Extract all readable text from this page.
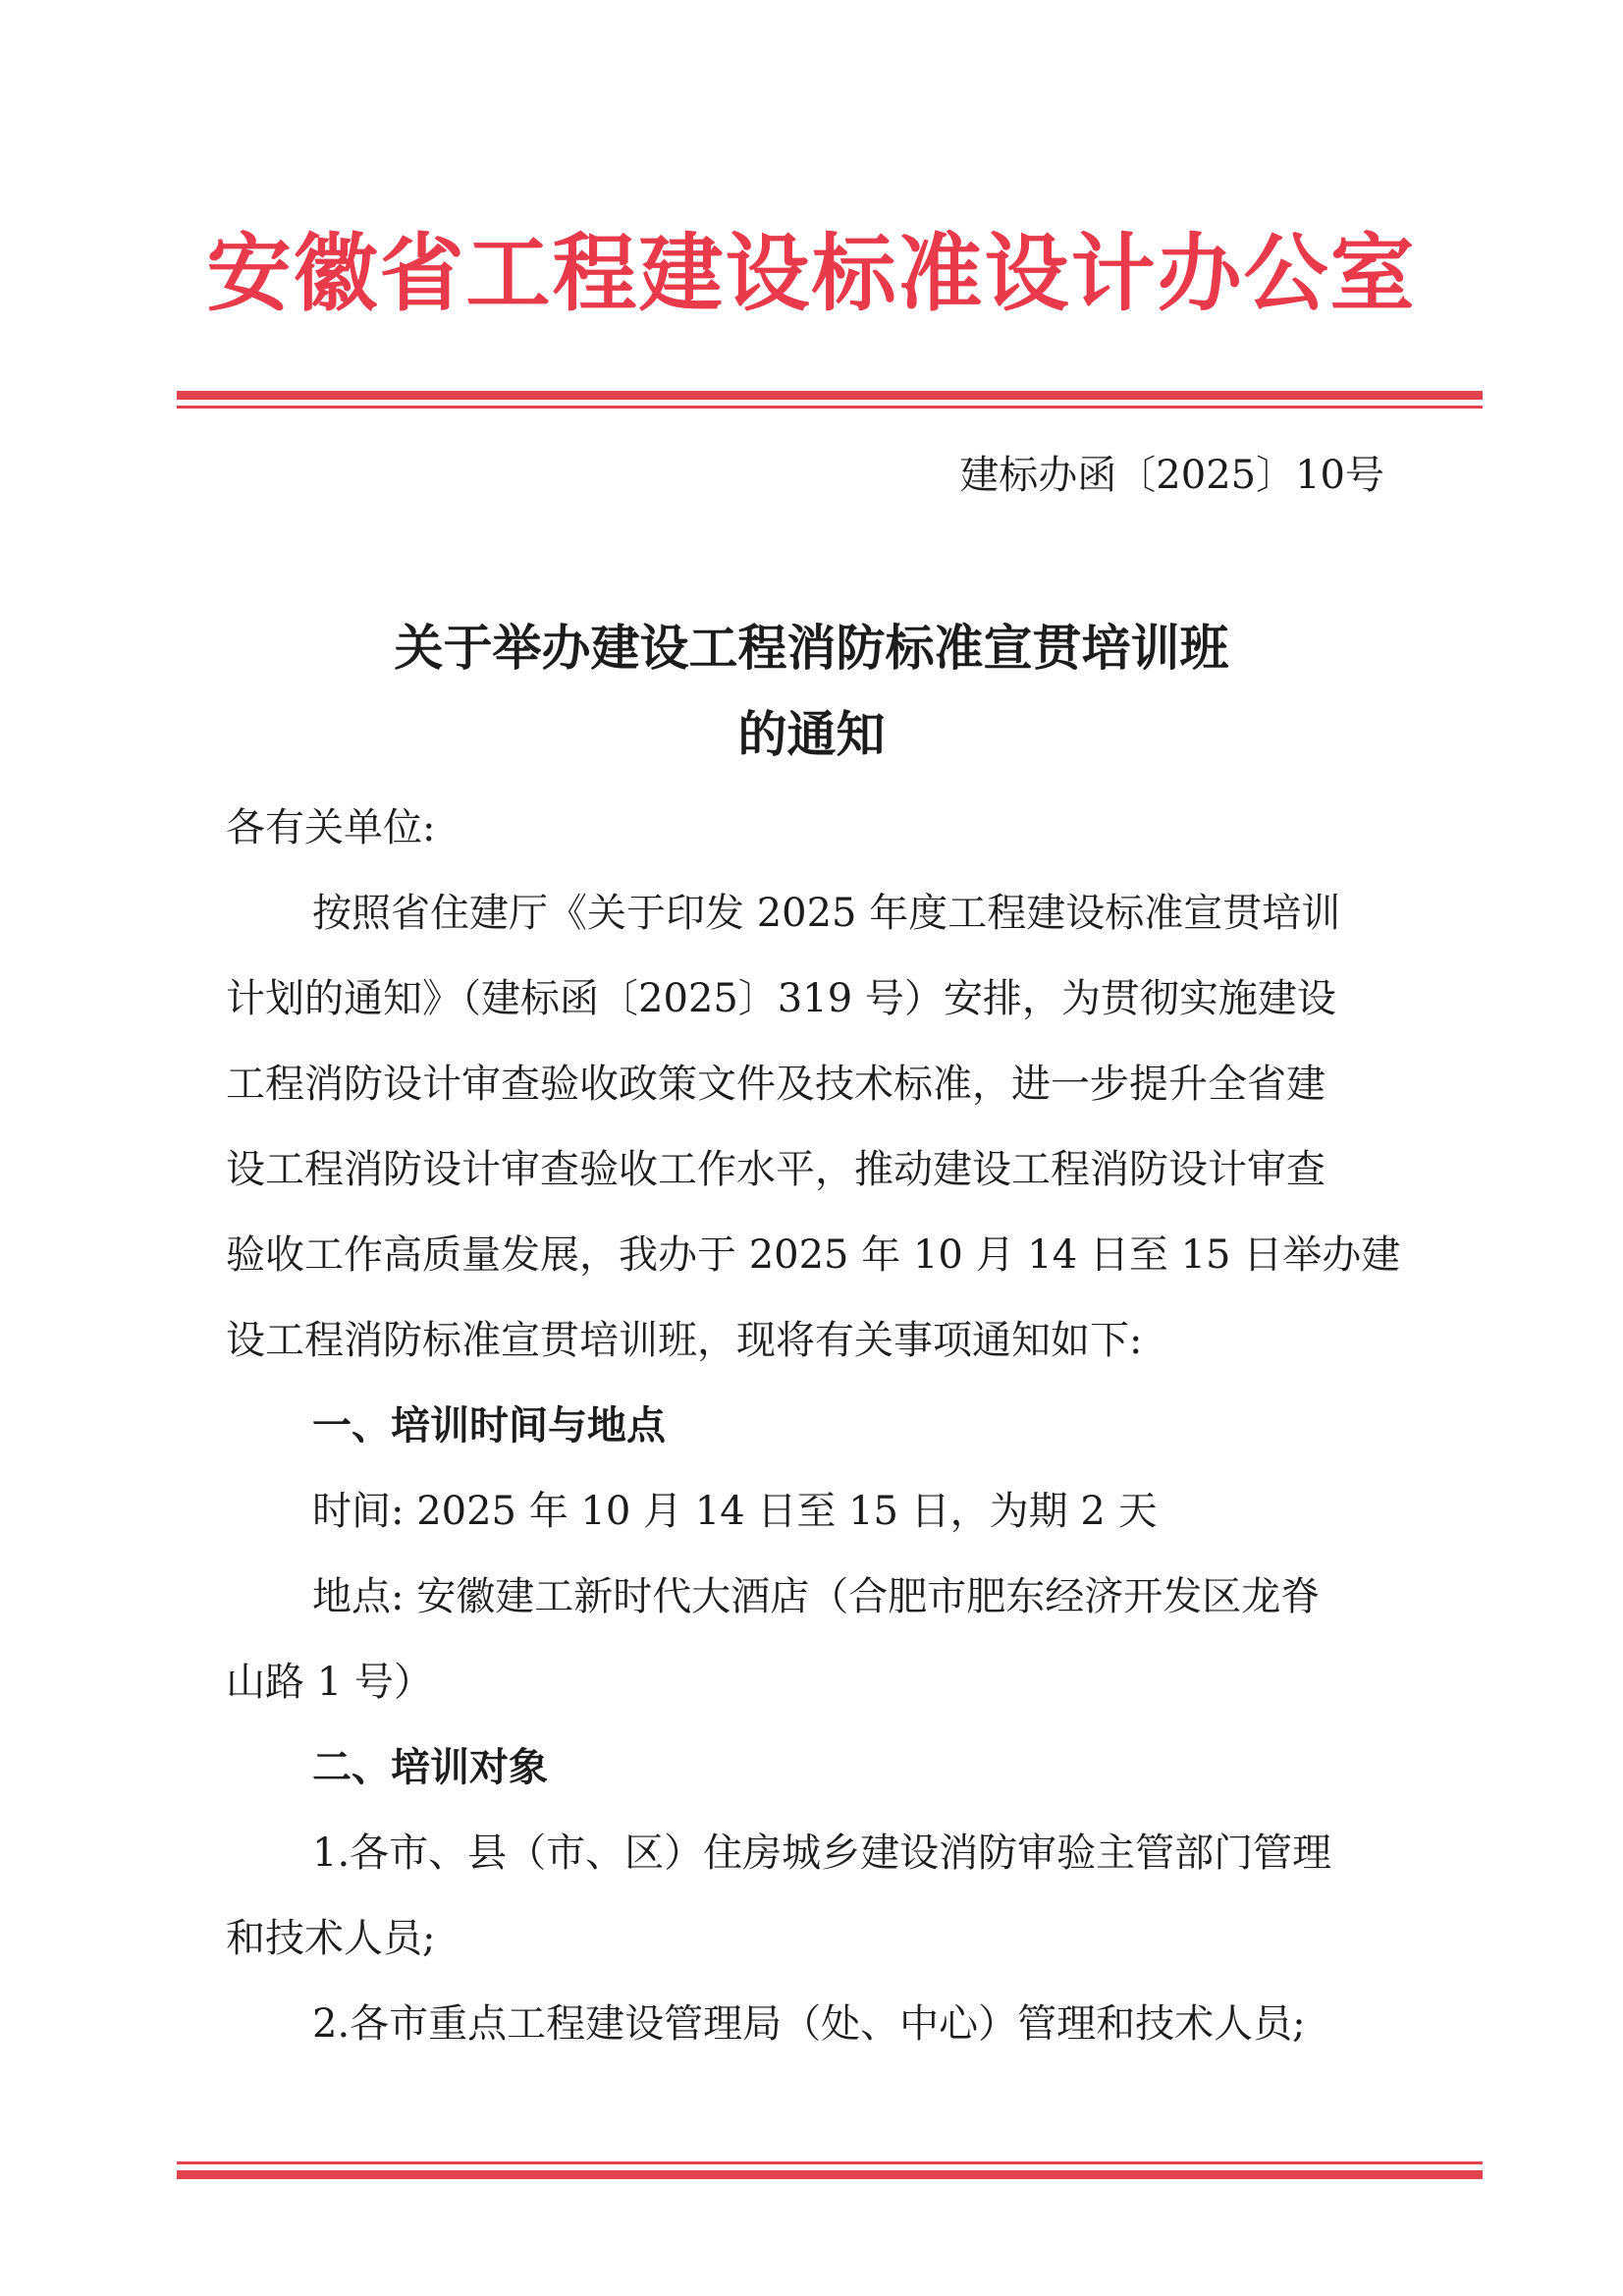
安徽省工程建设标准设计办公室
建标办函〔2025〕10号
关于举办建设工程消防标准宣贯培训班
的通知
各有关单位:
按照省住建厅《关于印发 2025 年度工程建设标准宣贯培训
计划的通知》（建标函〔2025〕319 号）安排，为贯彻实施建设
工程消防设计审查验收政策文件及技术标准，进一步提升全省建
设工程消防设计审查验收工作水平，推动建设工程消防设计审查
验收工作高质量发展，我办于 2025 年 10 月 14 日至 15 日举办建
设工程消防标准宣贯培训班，现将有关事项通知如下:
一、培训时间与地点
时间: 2025 年 10 月 14 日至 15 日，为期 2 天
地点: 安徽建工新时代大酒店（合肥市肥东经济开发区龙脊
山路 1 号）
二、培训对象
1.各市、县（市、区）住房城乡建设消防审验主管部门管理
和技术人员;
2.各市重点工程建设管理局（处、中心）管理和技术人员;
